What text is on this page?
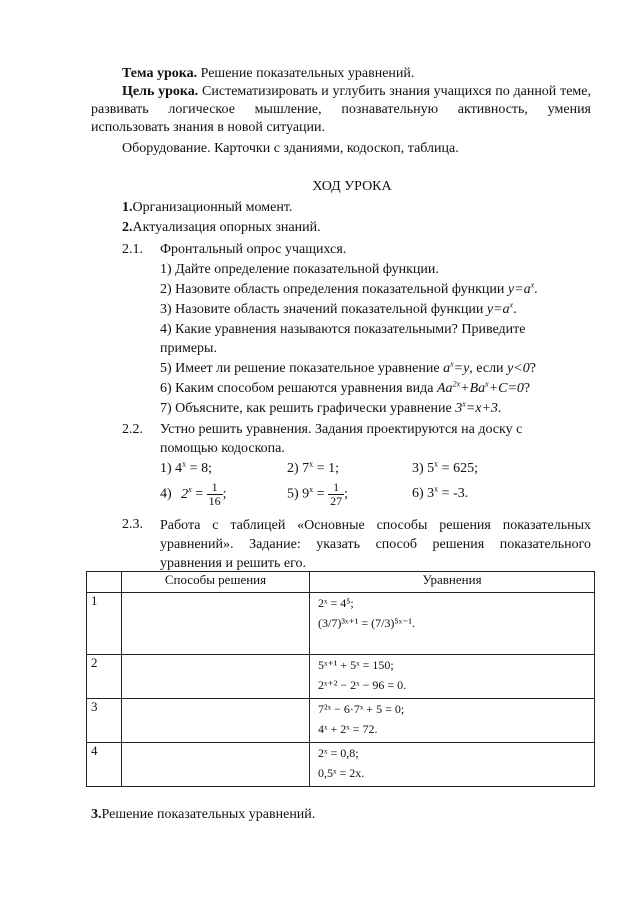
Тема урока. Решение показательных уравнений.
Цель урока. Систематизировать и углубить знания учащихся по данной теме, развивать логическое мышление, познавательную активность, умения использовать знания в новой ситуации.
Оборудование. Карточки с зданиями, кодоскоп, таблица.
ХОД УРОКА
1.Организационный момент.
2.Актуализация опорных знаний.
2.1. Фронтальный опрос учащихся.
1) Дайте определение показательной функции.
2) Назовите область определения показательной функции $y=a^x$.
3) Назовите область значений показательной функции $y=a^x$.
4) Какие уравнения называются показательными? Приведите
примеры.
5) Имеет ли решение показательное уравнение $a^x=y$, если y<0?
6) Каким способом решаются уравнения вида $Aa^{2x}+Ba^x+C=0$?
7) Объясните, как решить графически уравнение $3^x=x+3$.
2.2. Устно решить уравнения. Задания проектируются на доску с
помощью кодоскопа.
1) $4^x = 8$;	2) $7^x = 1$;	3) $5^x = 625$;
4) $2^x = \frac{1}{16}$ ;	5) $9^x = \frac{1}{27}$ ;	6) $3^x = -3$.
2.3. Работа с таблицей «Основные способы решения показательных уравнений». Задание: указать способ решения показательного уравнения и решить его.
	Способы решения	Уравнения
1		2ˣ = 4⁵;
(3/7)³ˣ⁺¹ = (7/3)⁵ˣ⁻¹.

2		5ˣ⁺¹ + 5ˣ = 150;
2ˣ⁺² − 2ˣ − 96 = 0.

3		7²ˣ − 6·7ˣ + 5 = 0;
4ˣ + 2ˣ = 72.

4		2ˣ = 0,8;
0,5ˣ = 2x.
3.Решение показательных уравнений.
